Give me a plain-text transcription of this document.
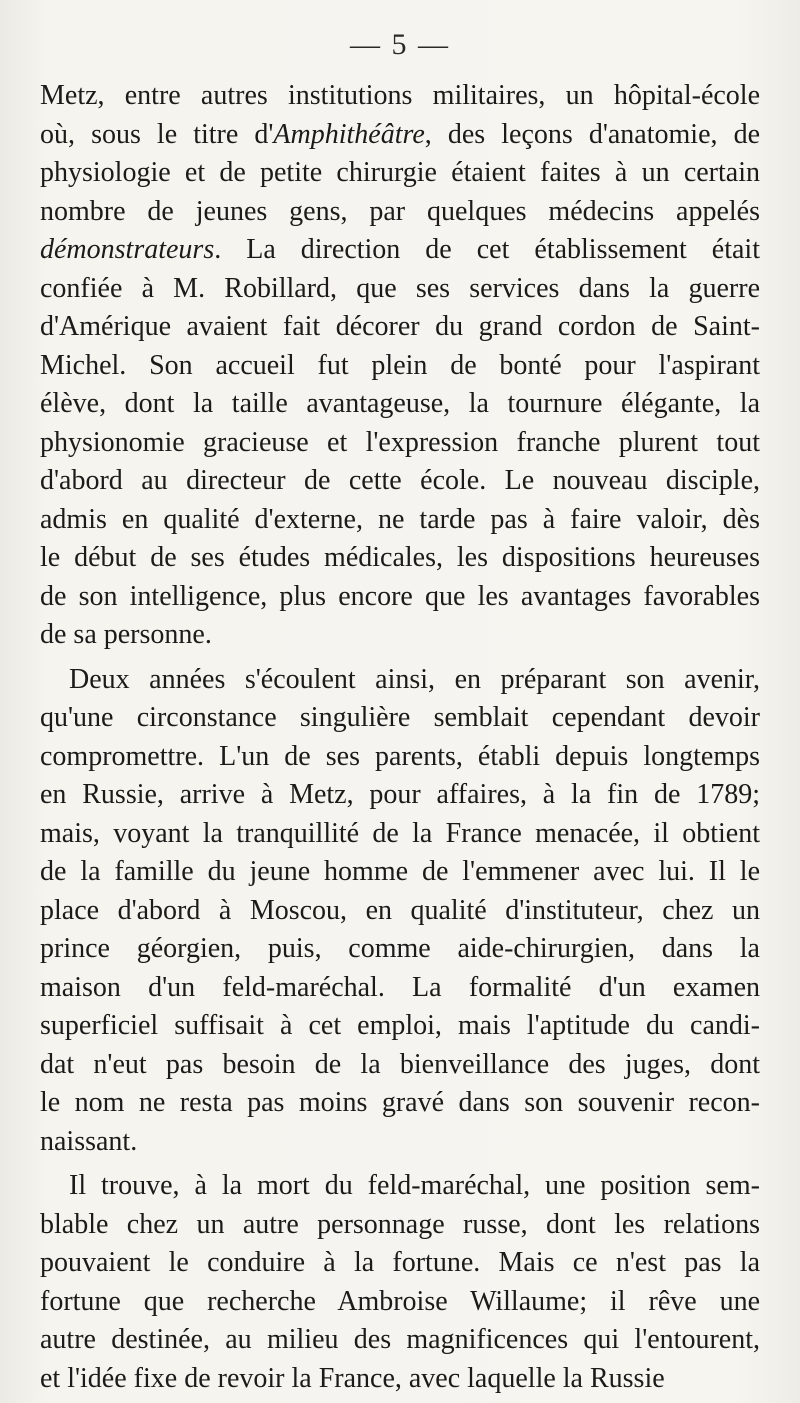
— 5 —
Metz, entre autres institutions militaires, un hôpital-école
où, sous le titre d'Amphithéâtre, des leçons d'anatomie, de
physiologie et de petite chirurgie étaient faites à un certain
nombre de jeunes gens, par quelques médecins appelés
démonstrateurs. La direction de cet établissement était
confiée à M. Robillard, que ses services dans la guerre
d'Amérique avaient fait décorer du grand cordon de Saint-
Michel. Son accueil fut plein de bonté pour l'aspirant
élève, dont la taille avantageuse, la tournure élégante, la
physionomie gracieuse et l'expression franche plurent tout
d'abord au directeur de cette école. Le nouveau disciple,
admis en qualité d'externe, ne tarde pas à faire valoir, dès
le début de ses études médicales, les dispositions heureuses
de son intelligence, plus encore que les avantages favorables
de sa personne.
Deux années s'écoulent ainsi, en préparant son avenir,
qu'une circonstance singulière semblait cependant devoir
compromettre. L'un de ses parents, établi depuis longtemps
en Russie, arrive à Metz, pour affaires, à la fin de 1789;
mais, voyant la tranquillité de la France menacée, il obtient
de la famille du jeune homme de l'emmener avec lui. Il le
place d'abord à Moscou, en qualité d'instituteur, chez un
prince géorgien, puis, comme aide-chirurgien, dans la
maison d'un feld-maréchal. La formalité d'un examen
superficiel suffisait à cet emploi, mais l'aptitude du candi-
dat n'eut pas besoin de la bienveillance des juges, dont
le nom ne resta pas moins gravé dans son souvenir recon-
naissant.
Il trouve, à la mort du feld-maréchal, une position sem-
blable chez un autre personnage russe, dont les relations
pouvaient le conduire à la fortune. Mais ce n'est pas la
fortune que recherche Ambroise Willaume; il rêve une
autre destinée, au milieu des magnificences qui l'entourent,
et l'idée fixe de revoir la France, avec laquelle la Russie
